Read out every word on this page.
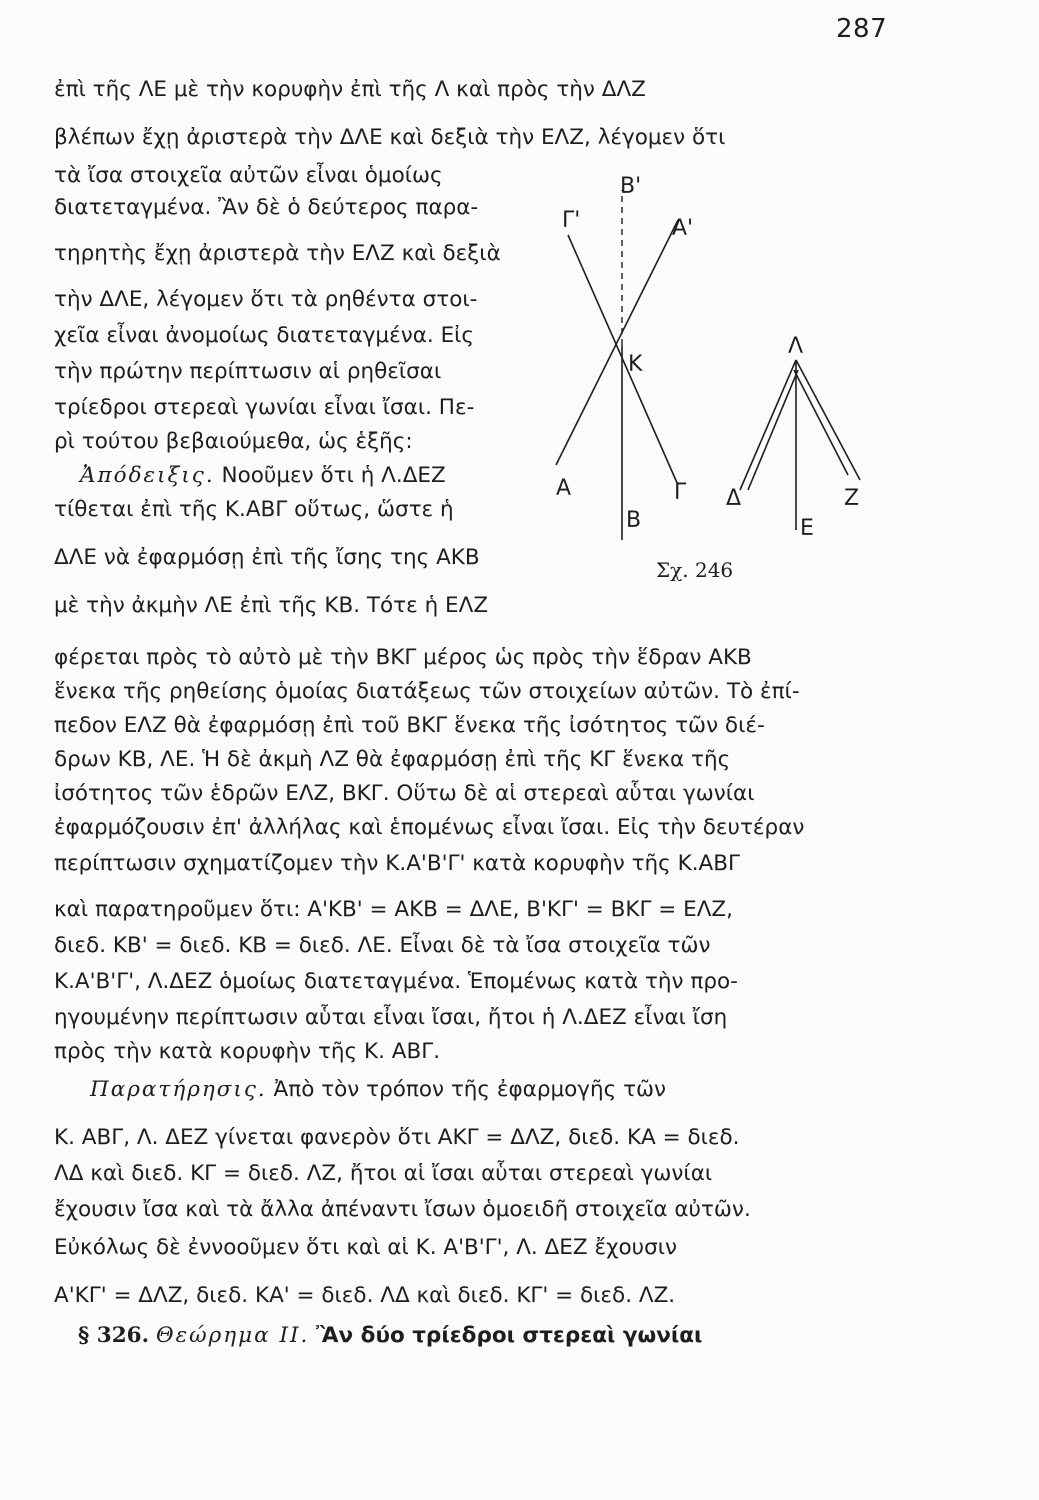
287
ἐπὶ τῆς ΛΕ μὲ τὴν κορυφὴν ἐπὶ τῆς Λ καὶ πρὸς τὴν ΔΛΖ
βλέπων ἔχῃ ἀριστερὰ τὴν ΔΛΕ καὶ δεξιὰ τὴν ΕΛΖ, λέγομεν ὅτι
τὰ ἴσα στοιχεῖα αὐτῶν εἶναι ὁμοίως
διατεταγμένα. Ἂν δὲ ὁ δεύτερος παρα-
τηρητὴς ἔχῃ ἀριστερὰ τὴν ΕΛΖ καὶ δεξιὰ
τὴν ΔΛΕ, λέγομεν ὅτι τὰ ρηθέντα στοι-
χεῖα εἶναι ἀνομοίως διατεταγμένα. Εἰς
τὴν πρώτην περίπτωσιν αἱ ρηθεῖσαι
τρίεδροι στερεαὶ γωνίαι εἶναι ἴσαι. Πε-
ρὶ τούτου βεβαιούμεθα, ὡς ἑξῆς:
Ἀπόδειξις. Νοοῦμεν ὅτι ἡ Λ.ΔΕΖ
τίθεται ἐπὶ τῆς Κ.ΑΒΓ οὕτως, ὥστε ἡ
ΔΛΕ νὰ ἐφαρμόσῃ ἐπὶ τῆς ἴσης της ΑΚΒ
μὲ τὴν ἀκμὴν ΛΕ ἐπὶ τῆς ΚΒ. Τότε ἡ ΕΛΖ
φέρεται πρὸς τὸ αὐτὸ μὲ τὴν ΒΚΓ μέρος ὡς πρὸς τὴν ἕδραν ΑΚΒ
ἕνεκα τῆς ρηθείσης ὁμοίας διατάξεως τῶν στοιχείων αὐτῶν. Τὸ ἐπί-
πεδον ΕΛΖ θὰ ἐφαρμόσῃ ἐπὶ τοῦ ΒΚΓ ἕνεκα τῆς ἰσότητος τῶν διέ-
δρων ΚΒ, ΛΕ. Ἡ δὲ ἀκμὴ ΛΖ θὰ ἐφαρμόσῃ ἐπὶ τῆς ΚΓ ἕνεκα τῆς
ἰσότητος τῶν ἑδρῶν ΕΛΖ, ΒΚΓ. Οὕτω δὲ αἱ στερεαὶ αὗται γωνίαι
ἐφαρμόζουσιν ἐπ' ἀλλήλας καὶ ἑπομένως εἶναι ἴσαι. Εἰς τὴν δευτέραν
περίπτωσιν σχηματίζομεν τὴν Κ.Α'Β'Γ' κατὰ κορυφὴν τῆς Κ.ΑΒΓ
καὶ παρατηροῦμεν ὅτι: Α'ΚΒ' = ΑΚΒ = ΔΛΕ, Β'ΚΓ' = ΒΚΓ = ΕΛΖ,
διεδ. ΚΒ' = διεδ. ΚΒ = διεδ. ΛΕ. Εἶναι δὲ τὰ ἴσα στοιχεῖα τῶν
Κ.Α'Β'Γ', Λ.ΔΕΖ ὁμοίως διατεταγμένα. Ἑπομένως κατὰ τὴν προ-
ηγουμένην περίπτωσιν αὗται εἶναι ἴσαι, ἤτοι ἡ Λ.ΔΕΖ εἶναι ἴση
πρὸς τὴν κατὰ κορυφὴν τῆς Κ. ΑΒΓ.
Παρατήρησις. Ἀπὸ τὸν τρόπον τῆς ἐφαρμογῆς τῶν
Κ. ΑΒΓ, Λ. ΔΕΖ γίνεται φανερὸν ὅτι ΑΚΓ = ΔΛΖ, διεδ. ΚΑ = διεδ.
ΛΔ καὶ διεδ. ΚΓ = διεδ. ΛΖ, ἤτοι αἱ ἴσαι αὗται στερεαὶ γωνίαι
ἔχουσιν ἴσα καὶ τὰ ἄλλα ἀπέναντι ἴσων ὁμοειδῆ στοιχεῖα αὐτῶν.
Εὐκόλως δὲ ἐννοοῦμεν ὅτι καὶ αἱ Κ. Α'Β'Γ', Λ. ΔΕΖ ἔχουσιν
Α'ΚΓ' = ΔΛΖ, διεδ. ΚΑ' = διεδ. ΛΔ καὶ διεδ. ΚΓ' = διεδ. ΛΖ.
§ 326. Θεώρημα ΙΙ. Ἂν δύο τρίεδροι στερεαὶ γωνίαι
Β'
Γ'	Α'
Κ
Α
Β
Γ
Λ
Δ
Ε
Ζ
Σχ. 246
